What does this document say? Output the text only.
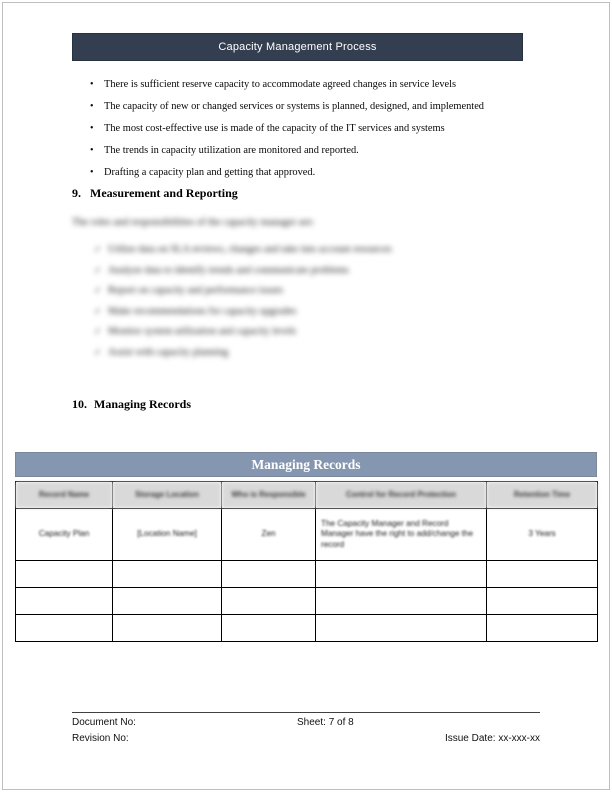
Capacity Management Process
•
There is sufficient reserve capacity to accommodate agreed changes in service levels
•
The capacity of new or changed services or systems is planned, designed, and implemented
•
The most cost-effective use is made of the capacity of the IT services and systems
•
The trends in capacity utilization are monitored and reported.
•
Drafting a capacity plan and getting that approved.
9. Measurement and Reporting

The roles and responsibilities of the capacity manager are:

✓
Utilize data on SLA reviews, changes and take into account resources
✓
Analyze data to identify trends and communicate problems
✓
Report on capacity and performance issues
✓
Make recommendations for capacity upgrades
✓
Monitor system utilization and capacity levels
✓
Assist with capacity planning
10. Managing Records
Managing Records
Record Name	Storage Location	Who is Responsible	Control for Record Protection	Retention Time
Capacity Plan	[Location Name]	Zen	The Capacity Manager and Record Manager have the right to add/change the record	3 Years

Document No:	Sheet: 7 of 8
Revision No:	Issue Date: xx-xxx-xx
